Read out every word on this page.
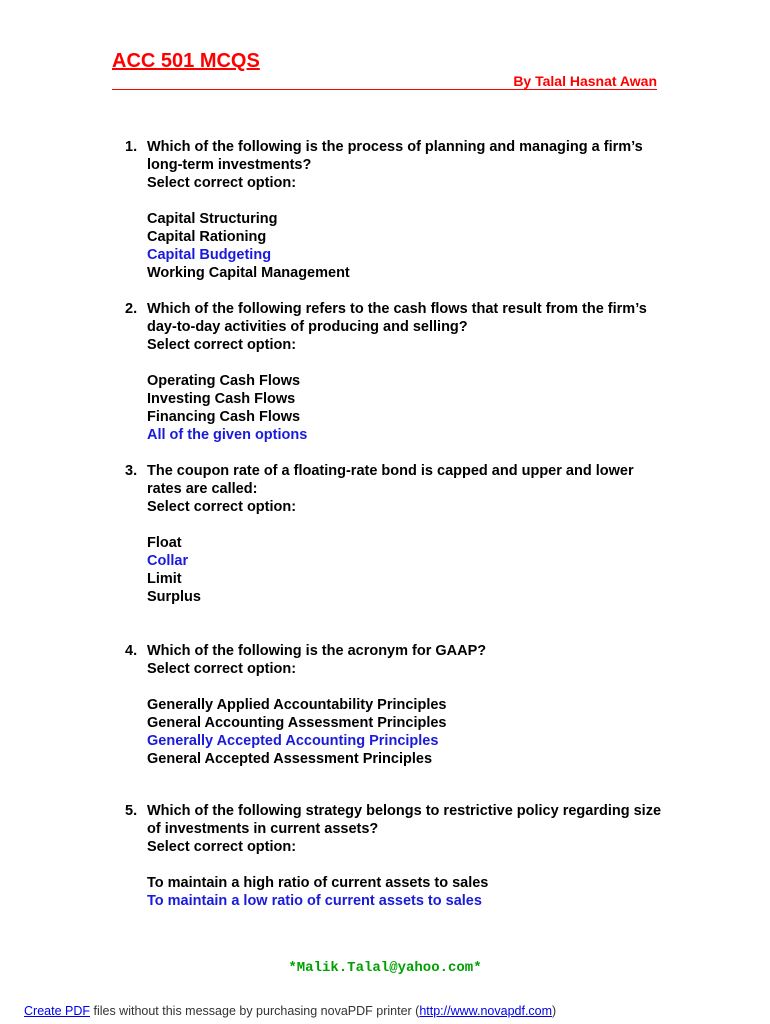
ACC 501 MCQS
By Talal Hasnat Awan
1. Which of the following is the process of planning and managing a firm’s long-term investments?
Select correct option:
Capital Structuring
Capital Rationing
Capital Budgeting
Working Capital Management
2. Which of the following refers to the cash flows that result from the firm’s day-to-day activities of producing and selling?
Select correct option:
Operating Cash Flows
Investing Cash Flows
Financing Cash Flows
All of the given options
3. The coupon rate of a floating-rate bond is capped and upper and lower rates are called:
Select correct option:
Float
Collar
Limit
Surplus
4. Which of the following is the acronym for GAAP?
Select correct option:
Generally Applied Accountability Principles
General Accounting Assessment Principles
Generally Accepted Accounting Principles
General Accepted Assessment Principles
5. Which of the following strategy belongs to restrictive policy regarding size of investments in current assets?
Select correct option:
To maintain a high ratio of current assets to sales
To maintain a low ratio of current assets to sales
*Malik.Talal@yahoo.com*
Create PDF files without this message by purchasing novaPDF printer (http://www.novapdf.com)
